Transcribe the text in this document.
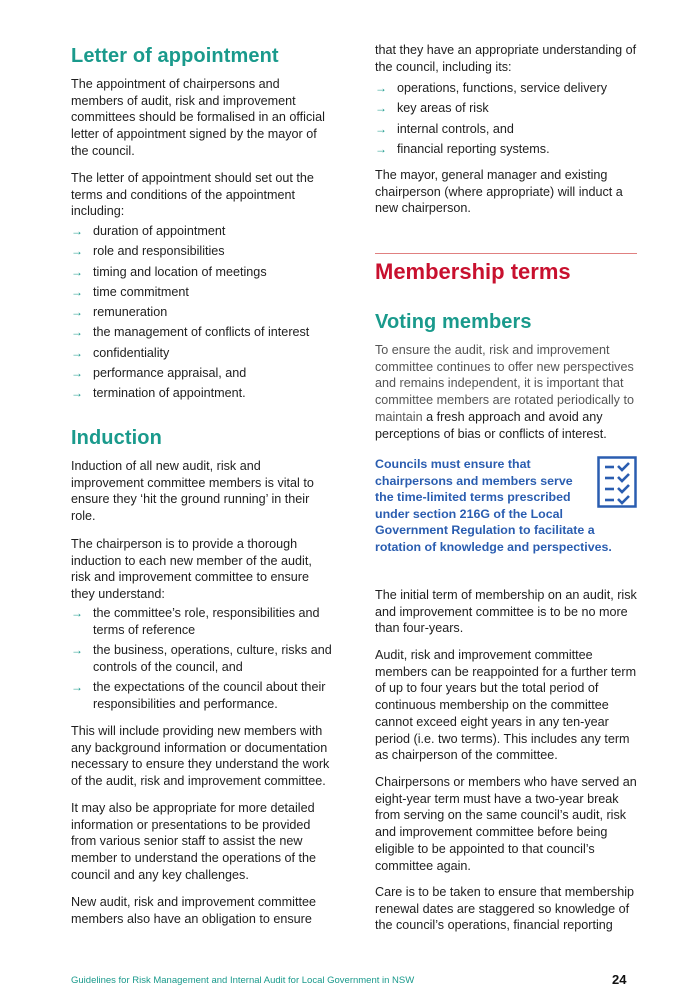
Letter of appointment

The appointment of chairpersons and members of audit, risk and improvement committees should be formalised in an official letter of appointment signed by the mayor of the council.

The letter of appointment should set out the terms and conditions of the appointment including:

→ duration of appointment
→ role and responsibilities
→ timing and location of meetings
→ time commitment
→ remuneration
→ the management of conflicts of interest
→ confidentiality
→ performance appraisal, and
→ termination of appointment.
Induction

Induction of all new audit, risk and improvement committee members is vital to ensure they ‘hit the ground running’ in their role.

The chairperson is to provide a thorough induction to each new member of the audit, risk and improvement committee to ensure they understand:

→ the committee’s role, responsibilities and terms of reference
→ the business, operations, culture, risks and controls of the council, and
→ the expectations of the council about their responsibilities and performance.

This will include providing new members with any background information or documentation necessary to ensure they understand the work of the audit, risk and improvement committee.

It may also be appropriate for more detailed information or presentations to be provided from various senior staff to assist the new member to understand the operations of the council and any key challenges.

New audit, risk and improvement committee members also have an obligation to ensure

that they have an appropriate understanding of the council, including its:

→ operations, functions, service delivery
→ key areas of risk
→ internal controls, and
→ financial reporting systems.

The mayor, general manager and existing chairperson (where appropriate) will induct a new chairperson.

Membership terms
Voting members

To ensure the audit, risk and improvement committee continues to offer new perspectives and remains independent, it is important that committee members are rotated periodically to maintain a fresh approach and avoid any perceptions of bias or conflicts of interest.

Councils must ensure that chairpersons and members serve the time-limited terms prescribed under section 216G of the Local Government Regulation to facilitate a rotation of knowledge and perspectives.

The initial term of membership on an audit, risk and improvement committee is to be no more than four-years.

Audit, risk and improvement committee members can be reappointed for a further term of up to four years but the total period of continuous membership on the committee cannot exceed eight years in any ten-year period (i.e. two terms). This includes any term as chairperson of the committee.

Chairpersons or members who have served an eight-year term must have a two-year break from serving on the same council’s audit, risk and improvement committee before being eligible to be appointed to that council’s committee again.

Care is to be taken to ensure that membership renewal dates are staggered so knowledge of the council’s operations, financial reporting

Guidelines for Risk Management and Internal Audit for Local Government in NSW	24
